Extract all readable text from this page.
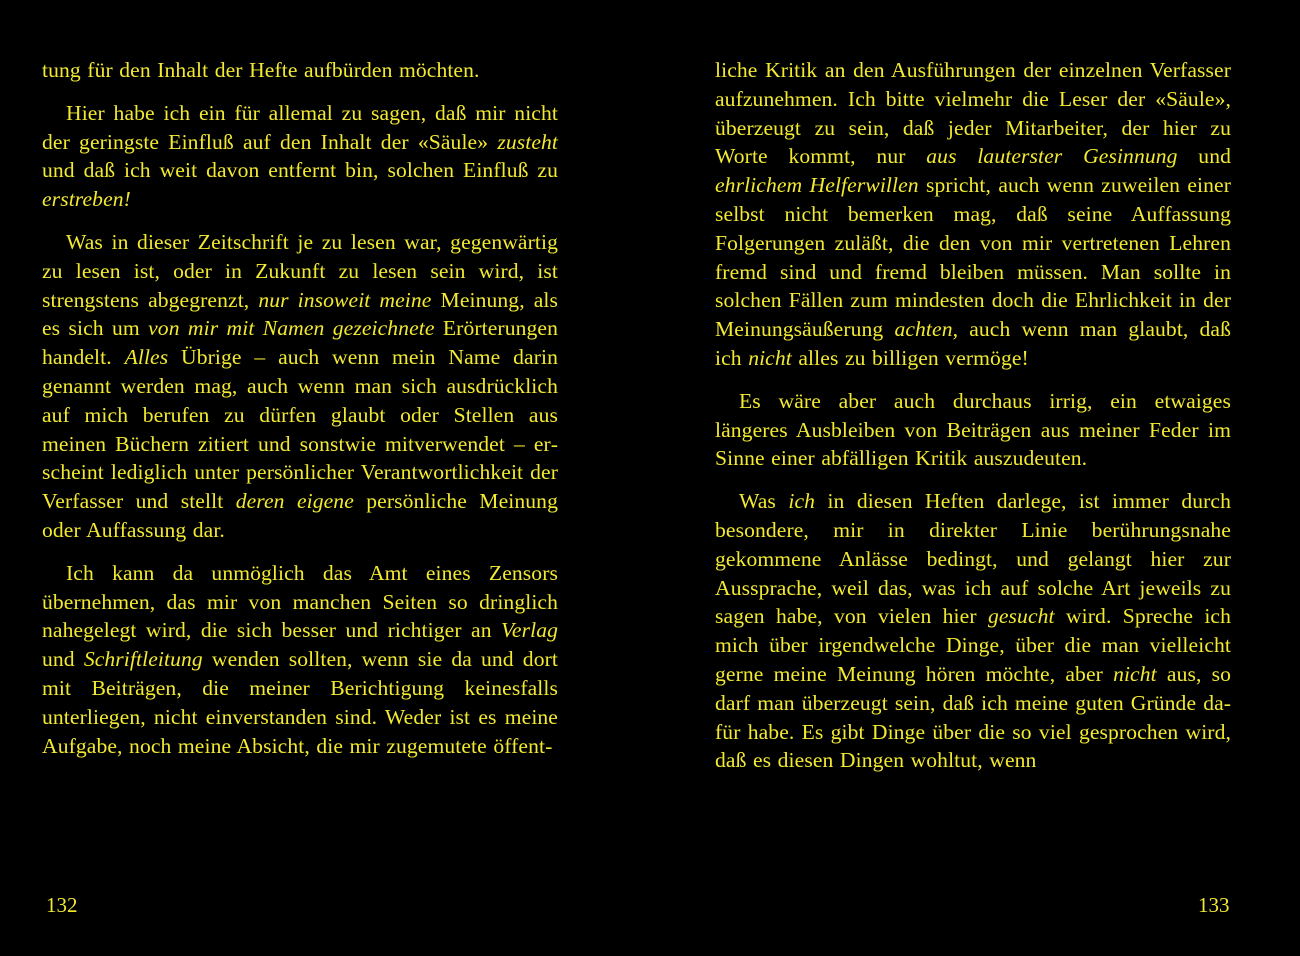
tung für den Inhalt der Hefte aufbürden möchten.

Hier habe ich ein für allemal zu sagen, daß mir nicht der geringste Einfluß auf den Inhalt der «Säule» zusteht und daß ich weit davon entfernt bin, solchen Einfluß zu erstreben!

Was in dieser Zeitschrift je zu lesen war, gegenwärtig zu lesen ist, oder in Zukunft zu lesen sein wird, ist strengstens abgegrenzt, nur insoweit meine Meinung, als es sich um von mir mit Namen gezeichnete Erörterungen handelt. Alles Übrige – auch wenn mein Name darin genannt werden mag, auch wenn man sich ausdrücklich auf mich berufen zu dürfen glaubt oder Stellen aus meinen Büchern zitiert und sonstwie mitverwendet – erscheint lediglich unter persönlicher Verantwortlichkeit der Verfasser und stellt deren eigene persönliche Meinung oder Auffassung dar.

Ich kann da unmöglich das Amt eines Zensors übernehmen, das mir von manchen Seiten so dringlich nahegelegt wird, die sich besser und richtiger an Verlag und Schriftleitung wenden sollten, wenn sie da und dort mit Beiträgen, die meiner Berichtigung keinesfalls unterliegen, nicht einverstanden sind. Weder ist es meine Aufgabe, noch meine Absicht, die mir zugemutete öffent-

132

liche Kritik an den Ausführungen der einzelnen Verfasser aufzunehmen. Ich bitte vielmehr die Leser der «Säule», überzeugt zu sein, daß jeder Mitarbeiter, der hier zu Worte kommt, nur aus lauterster Gesinnung und ehrlichem Helferwillen spricht, auch wenn zuweilen einer selbst nicht bemerken mag, daß seine Auffassung Folgerungen zuläßt, die den von mir vertretenen Lehren fremd sind und fremd bleiben müssen. Man sollte in solchen Fällen zum mindesten doch die Ehrlichkeit in der Meinungsäußerung achten, auch wenn man glaubt, daß ich nicht alles zu billigen vermöge!

Es wäre aber auch durchaus irrig, ein etwaiges längeres Ausbleiben von Beiträgen aus meiner Feder im Sinne einer abfälligen Kritik auszudeuten.

Was ich in diesen Heften darlege, ist immer durch besondere, mir in direkter Linie berührungsnahe gekommene Anlässe bedingt, und gelangt hier zur Aussprache, weil das, was ich auf solche Art jeweils zu sagen habe, von vielen hier gesucht wird. Spreche ich mich über irgendwelche Dinge, über die man vielleicht gerne meine Meinung hören möchte, aber nicht aus, so darf man überzeugt sein, daß ich meine guten Gründe dafür habe. Es gibt Dinge über die so viel gesprochen wird, daß es diesen Dingen wohltut, wenn

133
